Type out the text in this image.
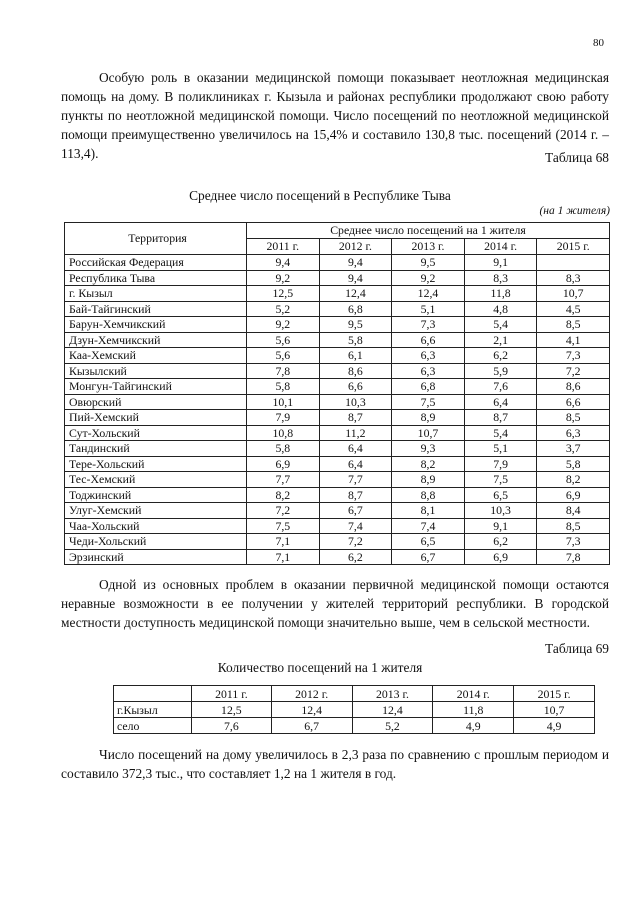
80

Особую роль в оказании медицинской помощи показывает неотложная медицинская помощь на дому. В поликлиниках г. Кызыла и районах республики продолжают свою работу пункты по неотложной медицинской помощи. Число посещений по неотложной медицинской помощи преимущественно увеличилось на 15,4% и составило 130,8 тыс. посещений (2014 г. – 113,4).	Таблица 68
Среднее число посещений в Республике Тыва
(на 1 жителя)
Территория	Среднее число посещений на 1 жителя				
	2011 г.	2012 г.	2013 г.	2014 г.	2015 г.
Российская Федерация	9,4	9,4	9,5	9,1	
Республика Тыва	9,2	9,4	9,2	8,3	8,3
г. Кызыл	12,5	12,4	12,4	11,8	10,7
Бай-Тайгинский	5,2	6,8	5,1	4,8	4,5
Барун-Хемчикский	9,2	9,5	7,3	5,4	8,5
Дзун-Хемчикский	5,6	5,8	6,6	2,1	4,1
Каа-Хемский	5,6	6,1	6,3	6,2	7,3
Кызылский	7,8	8,6	6,3	5,9	7,2
Монгун-Тайгинский	5,8	6,6	6,8	7,6	8,6
Овюрский	10,1	10,3	7,5	6,4	6,6
Пий-Хемский	7,9	8,7	8,9	8,7	8,5
Сут-Хольский	10,8	11,2	10,7	5,4	6,3
Тандинский	5,8	6,4	9,3	5,1	3,7
Тере-Хольский	6,9	6,4	8,2	7,9	5,8
Тес-Хемский	7,7	7,7	8,9	7,5	8,2
Тоджинский	8,2	8,7	8,8	6,5	6,9
Улуг-Хемский	7,2	6,7	8,1	10,3	8,4
Чаа-Хольский	7,5	7,4	7,4	9,1	8,5
Чеди-Хольский	7,1	7,2	6,5	6,2	7,3
Эрзинский	7,1	6,2	6,7	6,9	7,8

Одной из основных проблем в оказании первичной медицинской помощи остаются неравные возможности в ее получении у жителей территорий республики. В городской местности доступность медицинской помощи значительно выше, чем в сельской местности.

Таблица 69
Количество посещений на 1 жителя
	2011 г.	2012 г.	2013 г.	2014 г.	2015 г.
г.Кызыл	12,5	12,4	12,4	11,8	10,7
село	7,6	6,7	5,2	4,9	4,9

Число посещений на дому увеличилось в 2,3 раза по сравнению с прошлым периодом и составило 372,3 тыс., что составляет 1,2 на 1 жителя в год.
